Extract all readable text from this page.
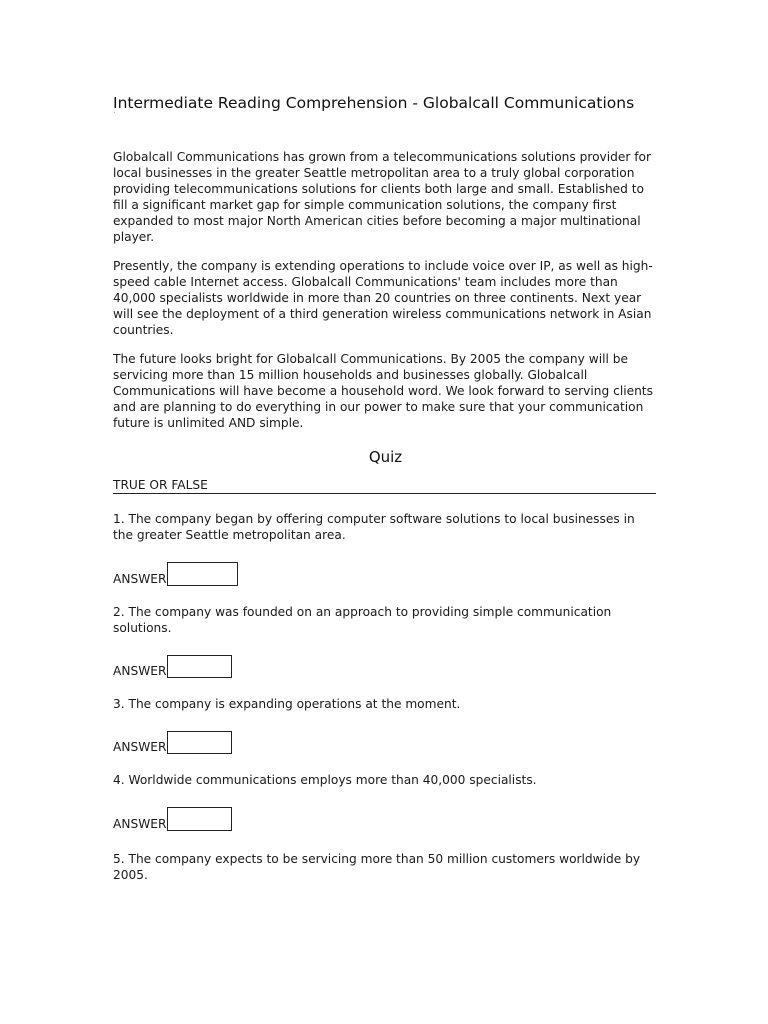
Intermediate Reading Comprehension - Globalcall Communications
`

Globalcall Communications has grown from a telecommunications solutions provider for local businesses in the greater Seattle metropolitan area to a truly global corporation providing telecommunications solutions for clients both large and small. Established to fill a significant market gap for simple communication solutions, the company first expanded to most major North American cities before becoming a major multinational player.

Presently, the company is extending operations to include voice over IP, as well as high-speed cable Internet access. Globalcall Communications' team includes more than 40,000 specialists worldwide in more than 20 countries on three continents. Next year will see the deployment of a third generation wireless communications network in Asian countries.

The future looks bright for Globalcall Communications. By 2005 the company will be servicing more than 15 million households and businesses globally. Globalcall Communications will have become a household word. We look forward to serving clients and are planning to do everything in our power to make sure that your communication future is unlimited AND simple.

Quiz
TRUE OR FALSE

1. The company began by offering computer software solutions to local businesses in the greater Seattle metropolitan area.

ANSWER

2. The company was founded on an approach to providing simple communication solutions.

ANSWER

3. The company is expanding operations at the moment.

ANSWER

4. Worldwide communications employs more than 40,000 specialists.

ANSWER

5. The company expects to be servicing more than 50 million customers worldwide by 2005.
